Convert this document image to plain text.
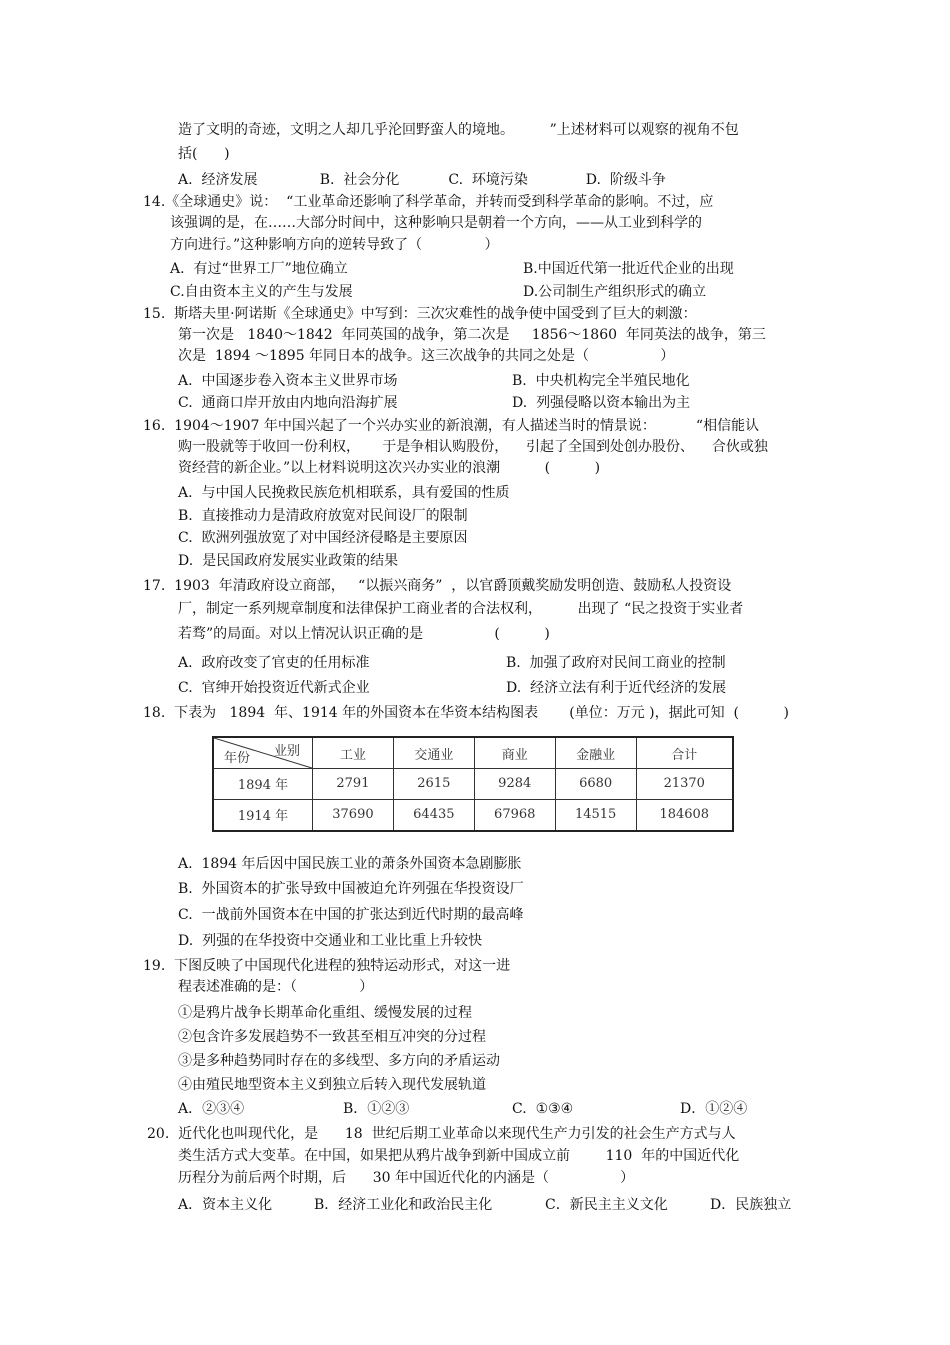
造了文明的奇迹，文明之人却几乎沦回野蛮人的境地。        ”上述材料可以观察的视角不包
括(      )
A.  经济发展              B.  社会分化           C.  环境污染             D.  阶级斗争
14.《全球通史》说：  “工业革命还影响了科学革命，并转而受到科学革命的影响。不过，应
该强调的是，在……大部分时间中，这种影响只是朝着一个方向，——从工业到科学的
方向进行。”这种影响方向的逆转导致了（              ）
A.  有过“世界工厂”地位确立	B.中国近代第一批近代企业的出现
C.自由资本主义的产生与发展	D.公司制生产组织形式的确立
15.  斯塔夫里·阿诺斯《全球通史》中写到：三次灾难性的战争使中国受到了巨大的刺激：
第一次是   1840～1842  年同英国的战争，第二次是     1856～1860  年同英法的战争，第三
次是  1894 ～1895 年同日本的战争。这三次战争的共同之处是（                ）
A.  中国逐步卷入资本主义世界市场	B.  中央机构完全半殖民地化
C.  通商口岸开放由内地向沿海扩展	D.  列强侵略以资本输出为主
16.  1904～1907 年中国兴起了一个兴办实业的新浪潮，有人描述当时的情景说：         “相信能认
购一股就等于收回一份利权，     于是争相认购股份，    引起了全国到处创办股份、    合伙或独
资经营的新企业。”以上材料说明这次兴办实业的浪潮          (          )
A.  与中国人民挽救民族危机相联系，具有爱国的性质
B.  直接推动力是清政府放宽对民间设厂的限制
C.  欧洲列强放宽了对中国经济侵略是主要原因
D.  是民国政府发展实业政策的结果
17.  1903  年清政府设立商部，   “以振兴商务”  ，以官爵顶戴奖励发明创造、鼓励私人投资设
厂，制定一系列规章制度和法律保护工商业者的合法权利，        出现了 “民之投资于实业者
若骛”的局面。对以上情况认识正确的是                (          )
A.  政府改变了官吏的任用标准	B.  加强了政府对民间工商业的控制
C.  官绅开始投资近代新式企业	D.  经济立法有利于近代经济的发展
18.  下表为   1894  年、1914 年的外国资本在华资本结构图表       (单位：万元 )，据此可知  (          )
A.  1894 年后因中国民族工业的萧条外国资本急剧膨胀
B.  外国资本的扩张导致中国被迫允许列强在华投资设厂
C.  一战前外国资本在中国的扩张达到近代时期的最高峰
D.  列强的在华投资中交通业和工业比重上升较快
19.  下图反映了中国现代化进程的独特运动形式，对这一进
程表述准确的是：（              ）
①是鸦片战争长期革命化重组、缓慢发展的过程
②包含许多发展趋势不一致甚至相互冲突的分过程
③是多种趋势同时存在的多线型、多方向的矛盾运动
④由殖民地型资本主义到独立后转入现代发展轨道
A．②③④	B．①②③	C.  ①③④	D．①②④
20.  近代化也叫现代化，是      18  世纪后期工业革命以来现代生产力引发的社会生产方式与人
类生活方式大变革。在中国，如果把从鸦片战争到新中国成立前        110  年的中国近代化
历程分为前后两个时期，后      30 年中国近代化的内涵是（                ）
A．资本主义化	B．经济工业化和政治民主化	C．新民主主义文化	D．民族独立
业别
年份	工业	交通业	商业	金融业	合计
1894 年	2791	2615	9284	6680	21370
1914 年	37690	64435	67968	14515	184608
